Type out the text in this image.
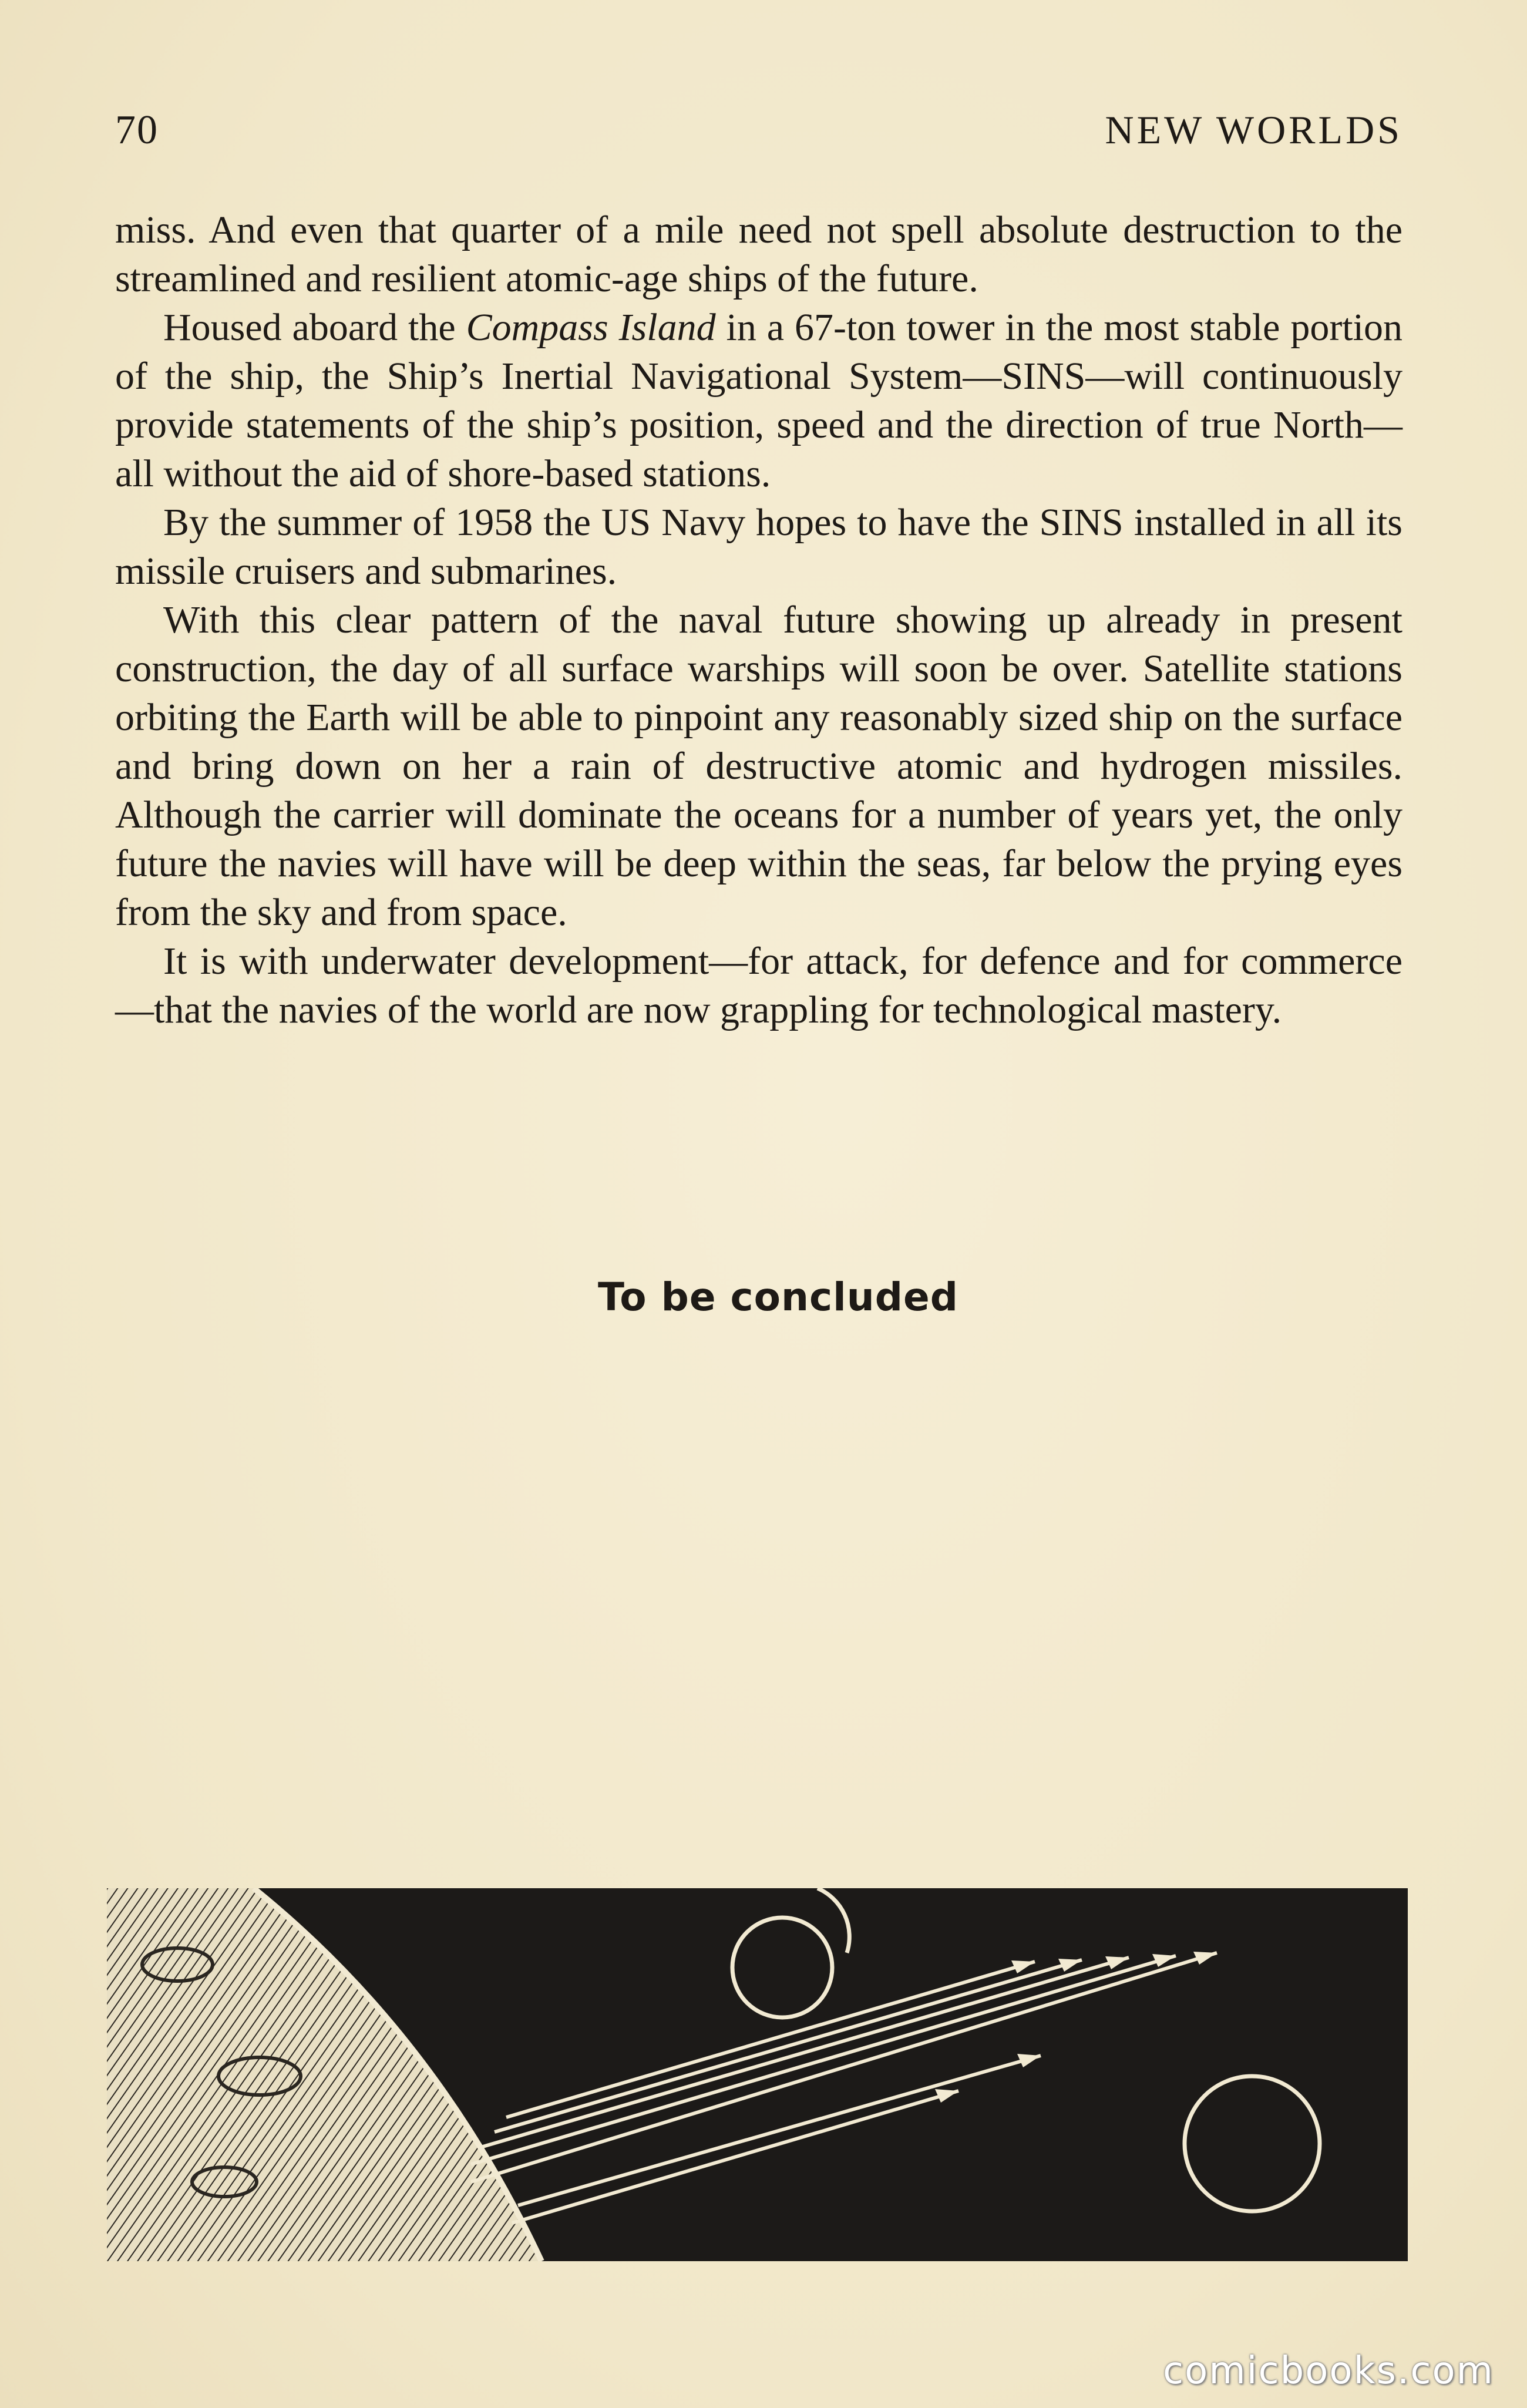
70	NEW WORLDS

miss. And even that quarter of a mile need not spell absolute destruction to the streamlined and resilient atomic-age ships of the future.

Housed aboard the Compass Island in a 67-ton tower in the most stable portion of the ship, the Ship’s Inertial Navigational System—SINS—will continuously provide statements of the ship’s position, speed and the direction of true North—all without the aid of shore-based stations.

By the summer of 1958 the US Navy hopes to have the SINS installed in all its missile cruisers and submarines.

With this clear pattern of the naval future showing up already in present construction, the day of all surface warships will soon be over. Satellite stations orbiting the Earth will be able to pinpoint any reasonably sized ship on the surface and bring down on her a rain of destructive atomic and hydrogen missiles. Although the carrier will dominate the oceans for a number of years yet, the only future the navies will have will be deep within the seas, far below the prying eyes from the sky and from space.

It is with underwater development—for attack, for defence and for commerce—that the navies of the world are now grappling for technological mastery.

To be concluded
comicbooks.com
